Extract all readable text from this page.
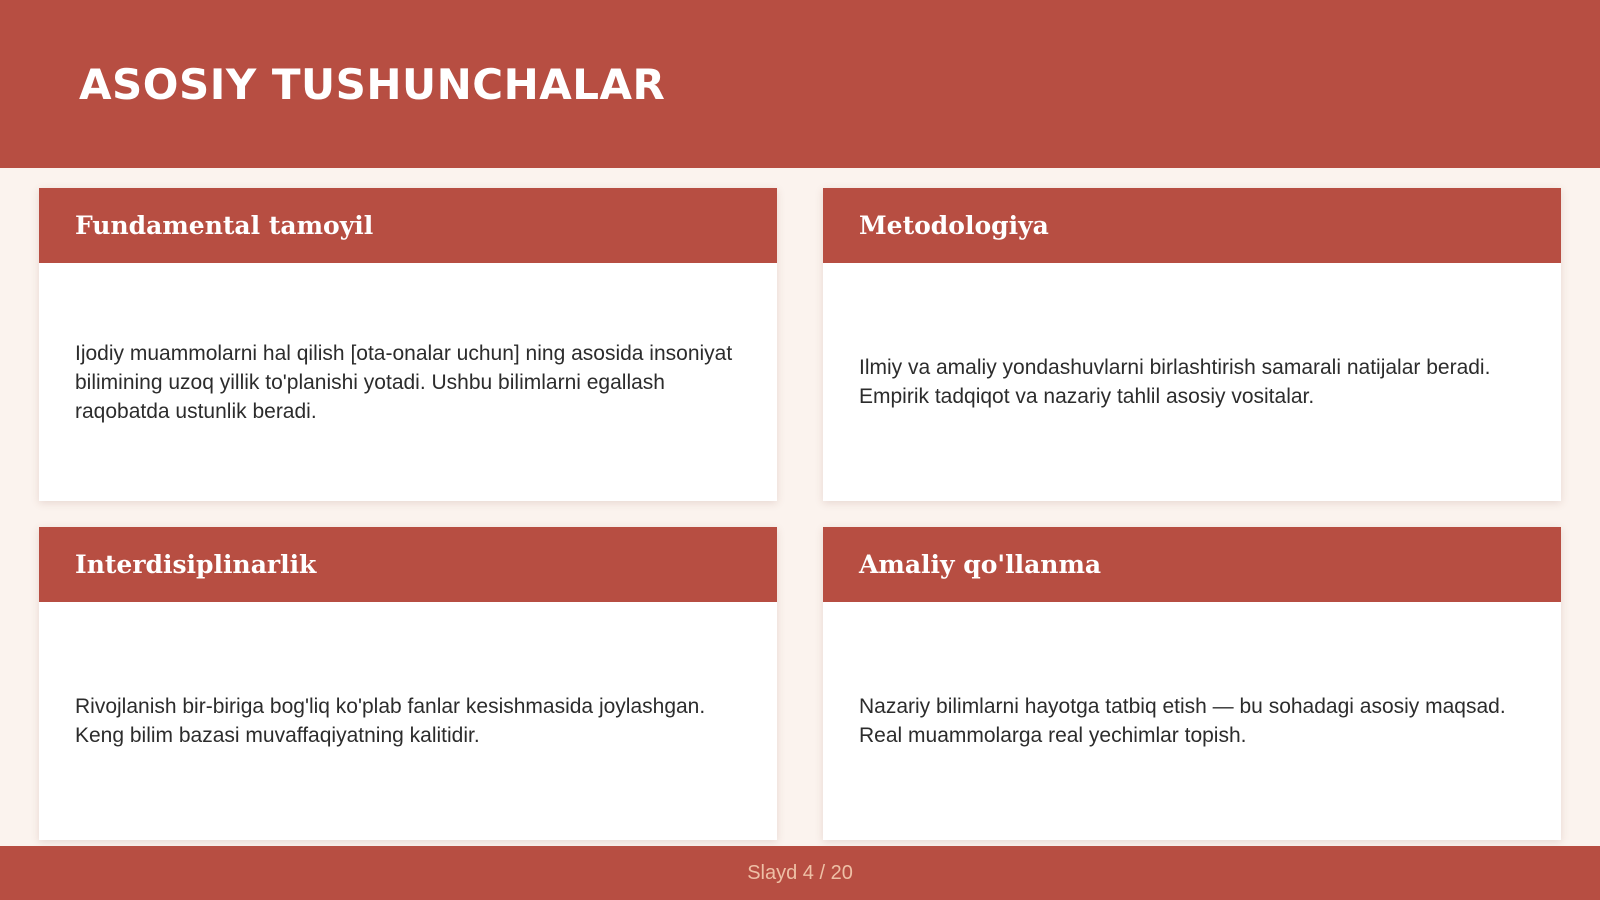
ASOSIY TUSHUNCHALAR
Fundamental tamoyil

Ijodiy muammolarni hal qilish [ota-onalar uchun] ning asosida insoniyat bilimining uzoq yillik to'planishi yotadi. Ushbu bilimlarni egallash raqobatda ustunlik beradi.

Metodologiya

Ilmiy va amaliy yondashuvlarni birlashtirish samarali natijalar beradi. Empirik tadqiqot va nazariy tahlil asosiy vositalar.

Interdisiplinarlik

Rivojlanish bir-biriga bog'liq ko'plab fanlar kesishmasida joylashgan. Keng bilim bazasi muvaffaqiyatning kalitidir.

Amaliy qo'llanma

Nazariy bilimlarni hayotga tatbiq etish — bu sohadagi asosiy maqsad. Real muammolarga real yechimlar topish.

Slayd 4 / 20
